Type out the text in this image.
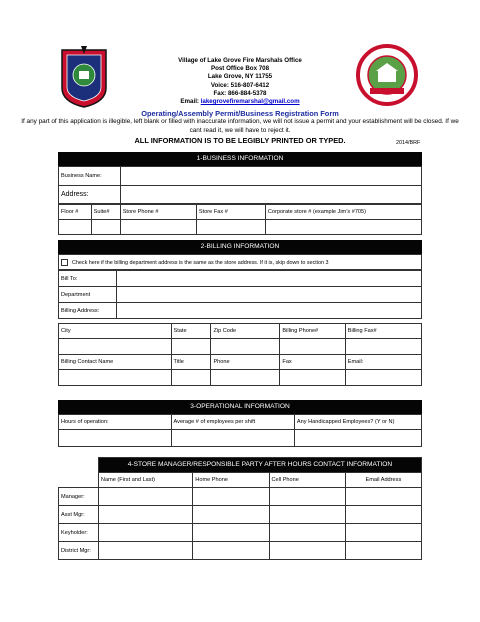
Village of Lake Grove Fire Marshals Office
Post Office Box 708
Lake Grove, NY 11755
Voice: 516-807-6412
Fax: 866-884-5378
Email: lakegrovefiremarshal@gmail.com
Operating/Assembly Permit/Business Registration Form
If any part of this application is illegible, left blank or filled with inaccurate information, we will not issue a permit and your establishment will be closed. If we cant read it, we will have to reject it.
ALL INFORMATION IS TO BE LEGIBLY PRINTED OR TYPED.	2014/BRF
1-BUSINESS INFORMATION
Business Name:	
Address:	
Floor #	Suite#	Store Phone #	Store Fax #	Corporate store # (example Jim’s #705)

2-BILLING INFORMATION
Check here if the billing department address is the same as the store address. If it is, skip down to section 3
Bill To:	
Department	
Billing Address:	
City	State	Zip Code	Billing Phone#	Billing Fax#

Billing Contact Name	Title	Phone	Fax	Email:

3-OPERATIONAL INFORMATION
Hours of operation:	Average # of employees per shift	Any Handicapped Employees? (Y or N)

	4-STORE MANAGER/RESPONSIBLE PARTY AFTER HOURS CONTACT INFORMATION			
	Name (First and Last)	Home Phone	Cell Phone	Email Address
Manager:				
Asst Mgr:				
Keyholder:				
District Mgr:				
